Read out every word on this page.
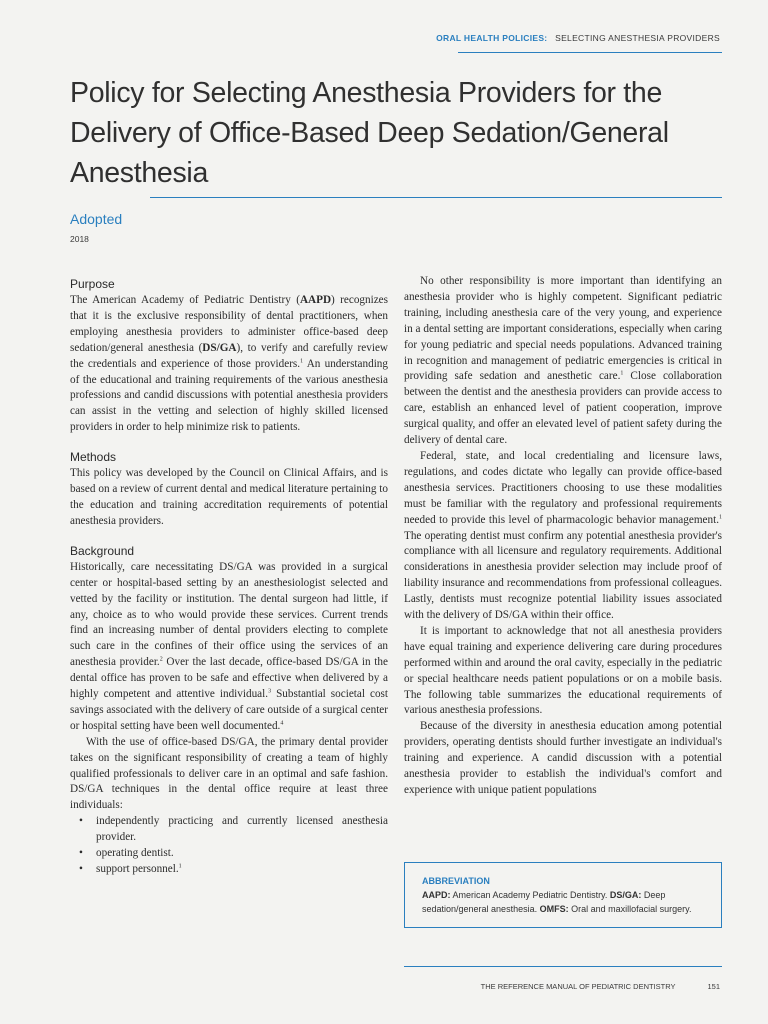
ORAL HEALTH POLICIES: SELECTING ANESTHESIA PROVIDERS
Policy for Selecting Anesthesia Providers for the Delivery of Office-Based Deep Sedation/General Anesthesia
Adopted
2018
Purpose

The American Academy of Pediatric Dentistry (AAPD) recognizes that it is the exclusive responsibility of dental practitioners, when employing anesthesia providers to administer office-based deep sedation/general anesthesia (DS/GA), to verify and carefully review the credentials and experience of those providers.$^1$ An understanding of the educational and training requirements of the various anesthesia professions and candid discussions with potential anesthesia providers can assist in the vetting and selection of highly skilled licensed providers in order to help minimize risk to patients.

Methods

This policy was developed by the Council on Clinical Affairs, and is based on a review of current dental and medical literature pertaining to the education and training accreditation requirements of potential anesthesia providers.

Background

Historically, care necessitating DS/GA was provided in a surgical center or hospital-based setting by an anesthesiologist selected and vetted by the facility or institution. The dental surgeon had little, if any, choice as to who would provide these services. Current trends find an increasing number of dental providers electing to complete such care in the confines of their office using the services of an anesthesia provider.$^2$ Over the last decade, office-based DS/GA in the dental office has proven to be safe and effective when delivered by a highly competent and attentive individual.$^3$ Substantial societal cost savings associated with the delivery of care outside of a surgical center or hospital setting have been well documented.$^4$

With the use of office-based DS/GA, the primary dental provider takes on the significant responsibility of creating a team of highly qualified professionals to deliver care in an optimal and safe fashion. DS/GA techniques in the dental office require at least three individuals:

• independently practicing and currently licensed anesthesia provider.
• operating dentist.
• support personnel.$^1$

No other responsibility is more important than identifying an anesthesia provider who is highly competent. Significant pediatric training, including anesthesia care of the very young, and experience in a dental setting are important considerations, especially when caring for young pediatric and special needs populations. Advanced training in recognition and management of pediatric emergencies is critical in providing safe sedation and anesthetic care.$^1$ Close collaboration between the dentist and the anesthesia providers can provide access to care, establish an enhanced level of patient cooperation, improve surgical quality, and offer an elevated level of patient safety during the delivery of dental care.

Federal, state, and local credentialing and licensure laws, regulations, and codes dictate who legally can provide office-based anesthesia services. Practitioners choosing to use these modalities must be familiar with the regulatory and professional requirements needed to provide this level of pharmacologic behavior management.$^1$ The operating dentist must confirm any potential anesthesia provider's compliance with all licensure and regulatory requirements. Additional considerations in anesthesia provider selection may include proof of liability insurance and recommendations from professional colleagues. Lastly, dentists must recognize potential liability issues associated with the delivery of DS/GA within their office.

It is important to acknowledge that not all anesthesia providers have equal training and experience delivering care during procedures performed within and around the oral cavity, especially in the pediatric or special healthcare needs patient populations or on a mobile basis. The following table summarizes the educational requirements of various anesthesia professions.

Because of the diversity in anesthesia education among potential providers, operating dentists should further investigate an individual's training and experience. A candid discussion with a potential anesthesia provider to establish the individual's comfort and experience with unique patient populations

ABBREVIATION
AAPD: American Academy Pediatric Dentistry. DS/GA: Deep sedation/general anesthesia. OMFS: Oral and maxillofacial surgery.
THE REFERENCE MANUAL OF PEDIATRIC DENTISTRY	151
